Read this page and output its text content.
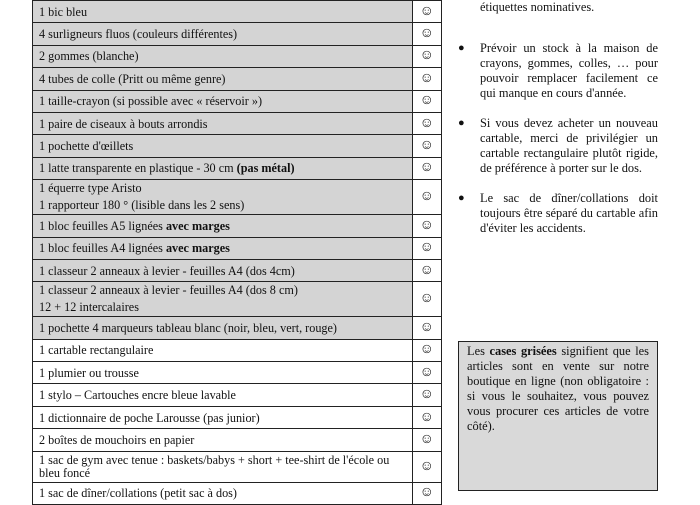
1 bic bleu	☺
4 surligneurs fluos (couleurs différentes)	☺
2 gommes (blanche)	☺
4 tubes de colle (Pritt ou même genre)	☺
1 taille-crayon (si possible avec « réservoir »)	☺
1 paire de ciseaux à bouts arrondis	☺
1 pochette d'œillets	☺
1 latte transparente en plastique - 30 cm (pas métal)	☺

1 équerre type Aristo
1 rapporteur 180 ° (lisible dans les 2 sens)	☺
1 bloc feuilles A5 lignées avec marges	☺
1 bloc feuilles A4 lignées avec marges	☺
1 classeur 2 anneaux à levier - feuilles A4 (dos 4cm)	☺

1 classeur 2 anneaux à levier - feuilles A4 (dos 8 cm)
12 + 12 intercalaires	☺
1 pochette 4 marqueurs tableau blanc (noir, bleu, vert, rouge)	☺
1 cartable rectangulaire	☺
1 plumier ou trousse	☺
1 stylo – Cartouches encre bleue lavable	☺
1 dictionnaire de poche Larousse (pas junior)	☺
2 boîtes de mouchoirs en papier	☺
1 sac de gym avec tenue : baskets/babys + short + tee-shirt de l'école ou bleu foncé	☺
1 sac de dîner/collations (petit sac à dos)	☺
étiquettes nominatives.
● Prévoir un stock à la maison de crayons, gommes, colles, … pour pouvoir remplacer facilement ce qui manque en cours d'année.
● Si vous devez acheter un nouveau cartable, merci de privilégier un cartable rectangulaire plutôt rigide, de préférence à porter sur le dos.
● Le sac de dîner/collations doit toujours être séparé du cartable afin d'éviter les accidents.
Les cases grisées signifient que les articles sont en vente sur notre boutique en ligne (non obligatoire : si vous le souhaitez, vous pouvez vous procurer ces articles de votre côté).
